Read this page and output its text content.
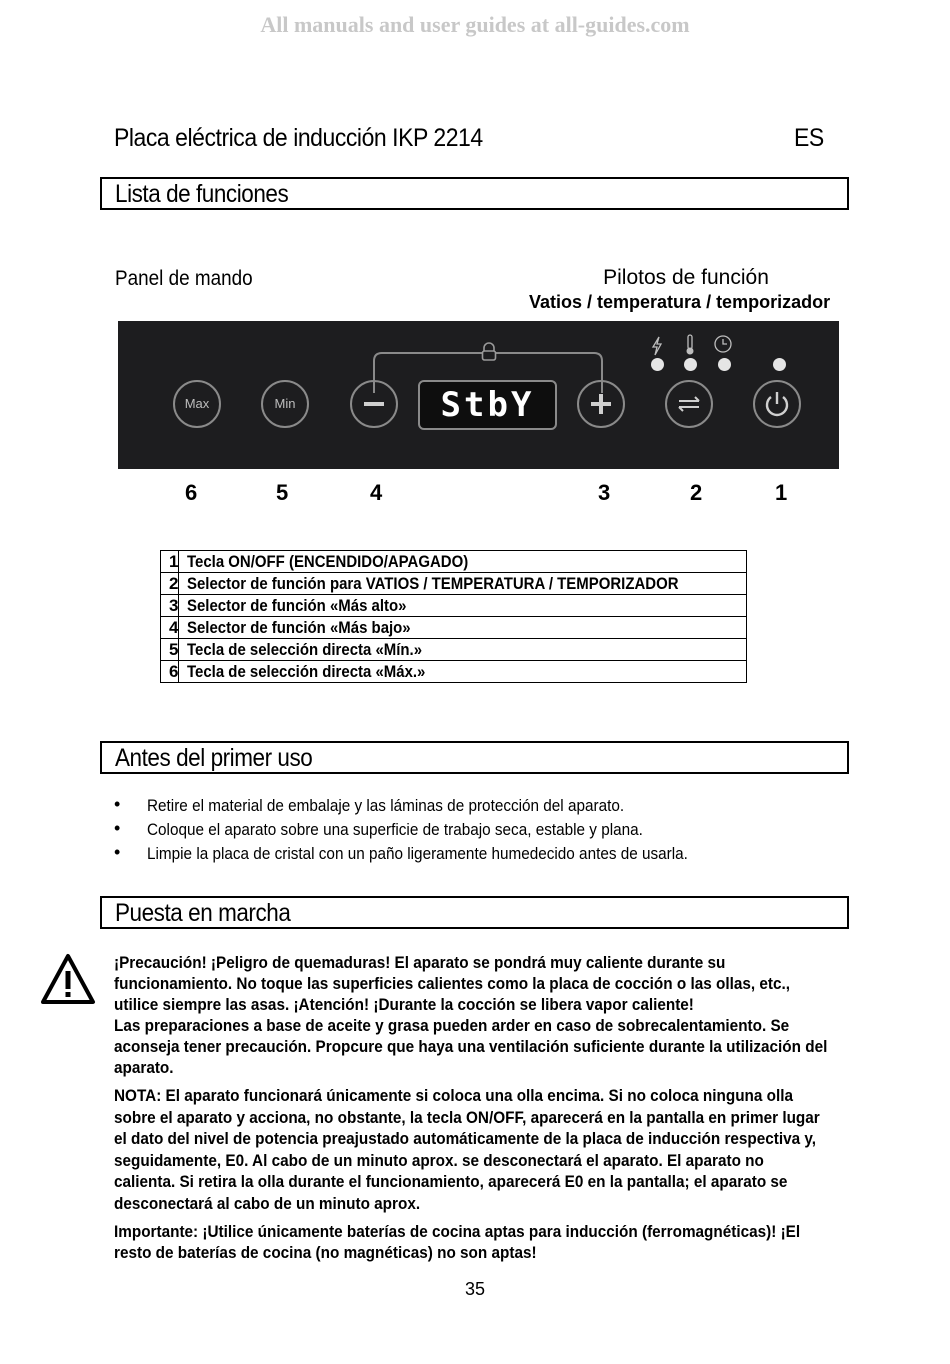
All manuals and user guides at all-guides.com
Placa eléctrica de inducción IKP 2214	ES
Lista de funciones
Panel de mando	Pilotos de función
Vatios / temperatura / temporizador
Max	Min	StbY
6	5	4	3	2	1
1	Tecla ON/OFF (ENCENDIDO/APAGADO)
2	Selector de función para VATIOS / TEMPERATURA / TEMPORIZADOR
3	Selector de función «Más alto»
4	Selector de función «Más bajo»
5	Tecla de selección directa «Mín.»
6	Tecla de selección directa «Máx.»
Antes del primer uso
• Retire el material de embalaje y las láminas de protección del aparato.
• Coloque el aparato sobre una superficie de trabajo seca, estable y plana.
• Limpie la placa de cristal con un paño ligeramente humedecido antes de usarla.
Puesta en marcha
¡Precaución! ¡Peligro de quemaduras! El aparato se pondrá muy caliente durante su
funcionamiento. No toque las superficies calientes como la placa de cocción o las ollas, etc.,
utilice siempre las asas. ¡Atención! ¡Durante la cocción se libera vapor caliente!
Las preparaciones a base de aceite y grasa pueden arder en caso de sobrecalentamiento. Se
aconseja tener precaución. Propcure que haya una ventilación suficiente durante la utilización del
aparato.
NOTA: El aparato funcionará únicamente si coloca una olla encima. Si no coloca ninguna olla
sobre el aparato y acciona, no obstante, la tecla ON/OFF, aparecerá en la pantalla en primer lugar
el dato del nivel de potencia preajustado automáticamente de la placa de inducción respectiva y,
seguidamente, E0. Al cabo de un minuto aprox. se desconectará el aparato. El aparato no
calienta. Si retira la olla durante el funcionamiento, aparecerá E0 en la pantalla; el aparato se
desconectará al cabo de un minuto aprox.
Importante: ¡Utilice únicamente baterías de cocina aptas para inducción (ferromagnéticas)! ¡El
resto de baterías de cocina (no magnéticas) no son aptas!
35
